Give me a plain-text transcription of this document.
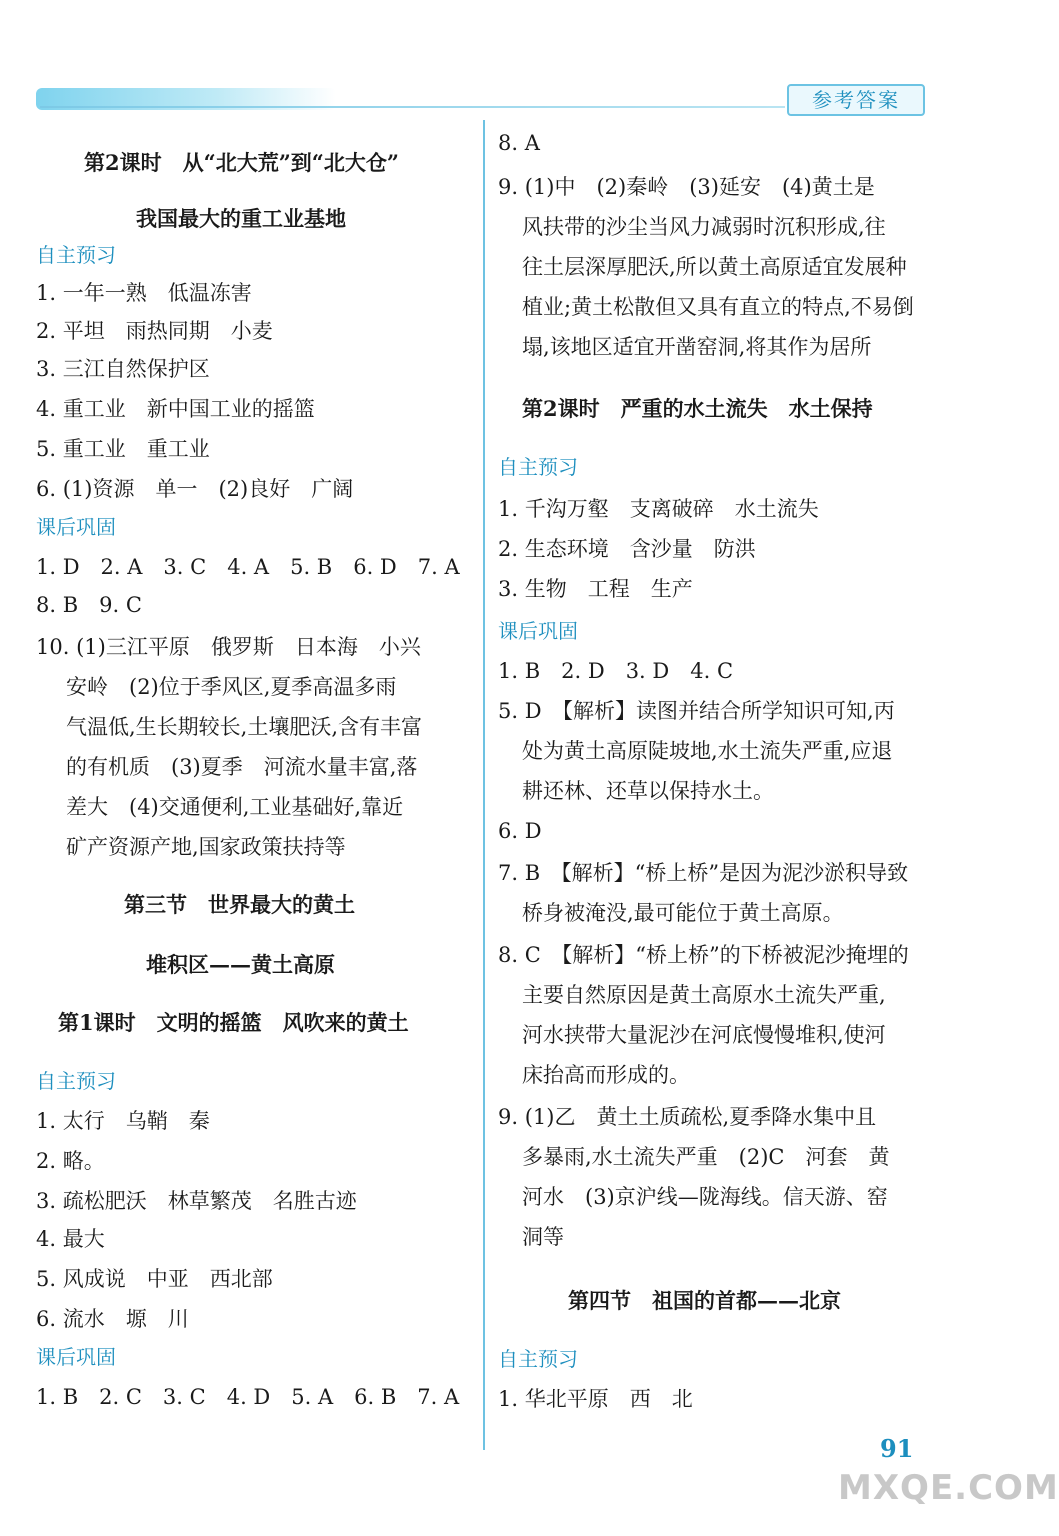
参考答案
第2课时　从“北大荒”到“北大仓”
我国最大的重工业基地
自主预习
1. 一年一熟　低温冻害
2. 平坦　雨热同期　小麦
3. 三江自然保护区
4. 重工业　新中国工业的摇篮
5. 重工业　重工业
6. (1)资源　单一　(2)良好　广阔
课后巩固
1. D　2. A　3. C　4. A　5. B　6. D　7. A
8. B　9. C
10. (1)三江平原　俄罗斯　日本海　小兴
安岭　(2)位于季风区,夏季高温多雨
气温低,生长期较长,土壤肥沃,含有丰富
的有机质　(3)夏季　河流水量丰富,落
差大　(4)交通便利,工业基础好,靠近
矿产资源产地,国家政策扶持等
第三节　世界最大的黄土
堆积区——黄土高原
第1课时　文明的摇篮　风吹来的黄土
自主预习
1. 太行　乌鞘　秦
2. 略。
3. 疏松肥沃　林草繁茂　名胜古迹
4. 最大
5. 风成说　中亚　西北部
6. 流水　塬　川
课后巩固
1. B　2. C　3. C　4. D　5. A　6. B　7. A
8. A
9. (1)中　(2)秦岭　(3)延安　(4)黄土是
风扶带的沙尘当风力减弱时沉积形成,往
往土层深厚肥沃,所以黄土高原适宜发展种
植业;黄土松散但又具有直立的特点,不易倒
塌,该地区适宜开凿窑洞,将其作为居所
第2课时　严重的水土流失　水土保持
自主预习
1. 千沟万壑　支离破碎　水土流失
2. 生态环境　含沙量　防洪
3. 生物　工程　生产
课后巩固
1. B　2. D　3. D　4. C
5. D　【解析】读图并结合所学知识可知,丙
处为黄土高原陡坡地,水土流失严重,应退
耕还林、还草以保持水土。
6. D
7. B　【解析】“桥上桥”是因为泥沙淤积导致
桥身被淹没,最可能位于黄土高原。
8. C　【解析】“桥上桥”的下桥被泥沙掩埋的
主要自然原因是黄土高原水土流失严重,
河水挟带大量泥沙在河底慢慢堆积,使河
床抬高而形成的。
9. (1)乙　黄土土质疏松,夏季降水集中且
多暴雨,水土流失严重　(2)C　河套　黄
河水　(3)京沪线—陇海线。信天游、窑
洞等
第四节　祖国的首都——北京
自主预习
1. 华北平原　西　北
91
MXQE.COM
